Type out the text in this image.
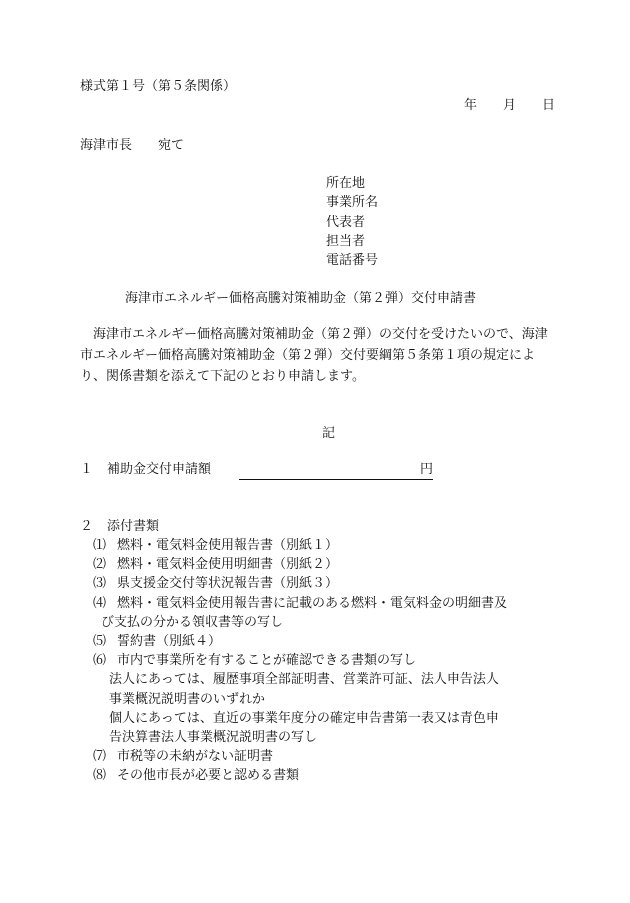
様式第１号（第５条関係）
年 月 日
海津市長 宛て
所在地
事業所名
代表者
担当者
電話番号
海津市エネルギー価格高騰対策補助金（第２弾）交付申請書

海津市エネルギー価格高騰対策補助金（第２弾）の交付を受けたいので、海津市エネルギー価格高騰対策補助金（第２弾）交付要綱第５条第１項の規定により、関係書類を添えて下記のとおり申請します。

記
１ 補助金交付申請額	円
２ 添付書類
⑴ 燃料・電気料金使用報告書（別紙１）
⑵ 燃料・電気料金使用明細書（別紙２）
⑶ 県支援金交付等状況報告書（別紙３）
⑷ 燃料・電気料金使用報告書に記載のある燃料・電気料金の明細書及
び支払の分かる領収書等の写し
⑸ 誓約書（別紙４）
⑹ 市内で事業所を有することが確認できる書類の写し
　法人にあっては、履歴事項全部証明書、営業許可証、法人申告法人
事業概況説明書のいずれか
　個人にあっては、直近の事業年度分の確定申告書第一表又は青色申
告決算書法人事業概況説明書の写し
⑺ 市税等の未納がない証明書
⑻ その他市長が必要と認める書類
